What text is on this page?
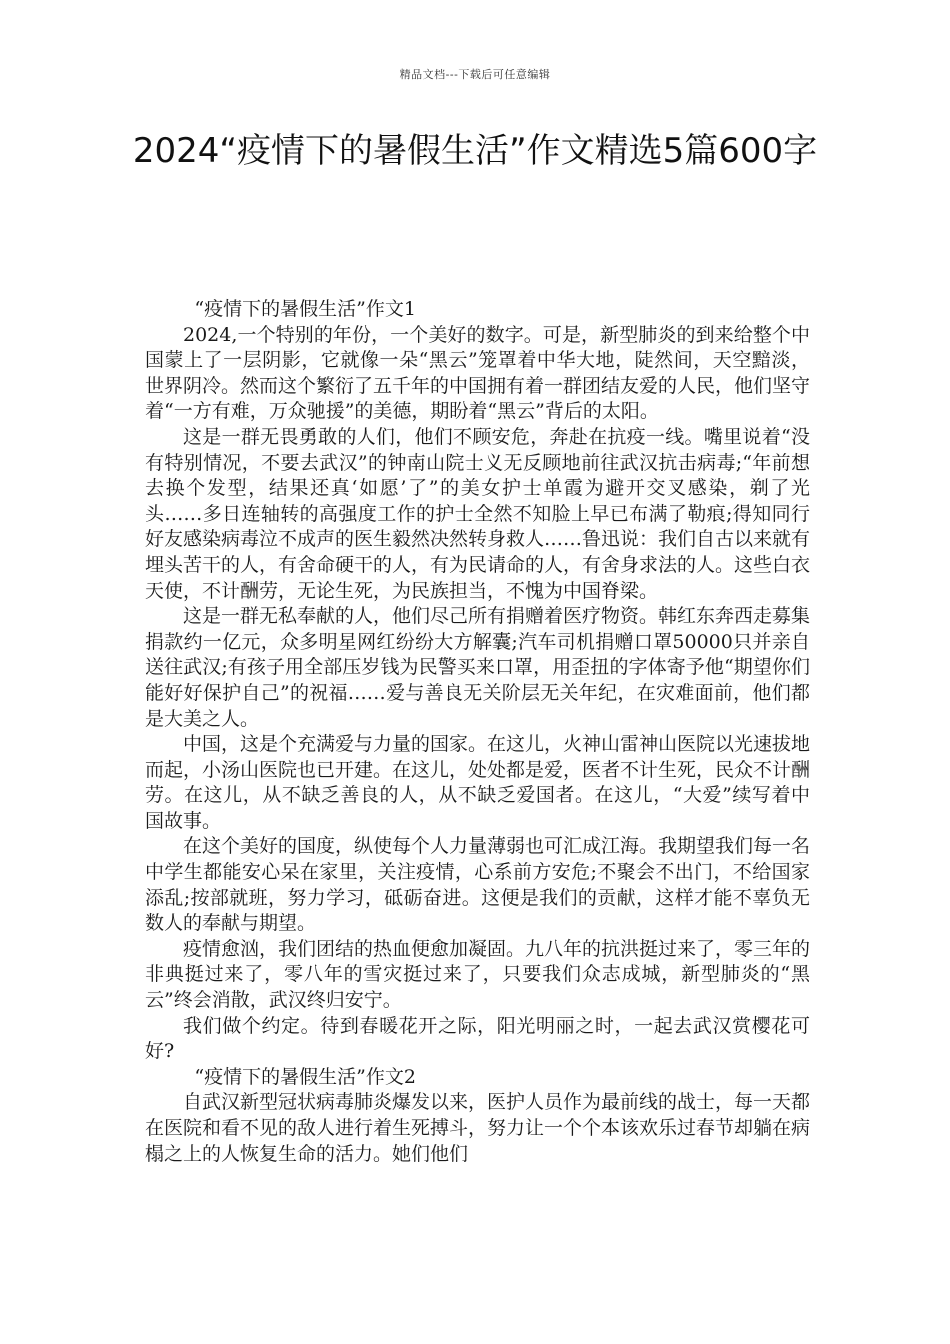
精品文档---下载后可任意编辑
2024“疫情下的暑假生活”作文精选5篇600字

“疫情下的暑假生活”作文1

2024,一个特别的年份，一个美好的数字。可是，新型肺炎的到来给整个中国蒙上了一层阴影，它就像一朵“黑云”笼罩着中华大地，陡然间，天空黯淡，世界阴冷。然而这个繁衍了五千年的中国拥有着一群团结友爱的人民，他们坚守着“一方有难，万众驰援”的美德，期盼着“黑云”背后的太阳。

这是一群无畏勇敢的人们，他们不顾安危，奔赴在抗疫一线。嘴里说着“没有特别情况，不要去武汉”的钟南山院士义无反顾地前往武汉抗击病毒;“年前想去换个发型，结果还真‘如愿’了”的美女护士单霞为避开交叉感染，剃了光头……多日连轴转的高强度工作的护士全然不知脸上早已布满了勒痕;得知同行好友感染病毒泣不成声的医生毅然决然转身救人……鲁迅说：我们自古以来就有埋头苦干的人，有舍命硬干的人，有为民请命的人，有舍身求法的人。这些白衣天使，不计酬劳，无论生死，为民族担当，不愧为中国脊梁。

这是一群无私奉献的人，他们尽己所有捐赠着医疗物资。韩红东奔西走募集捐款约一亿元，众多明星网红纷纷大方解囊;汽车司机捐赠口罩50000只并亲自送往武汉;有孩子用全部压岁钱为民警买来口罩，用歪扭的字体寄予他“期望你们能好好保护自己”的祝福……爱与善良无关阶层无关年纪，在灾难面前，他们都是大美之人。

中国，这是个充满爱与力量的国家。在这儿，火神山雷神山医院以光速拔地而起，小汤山医院也已开建。在这儿，处处都是爱，医者不计生死，民众不计酬劳。在这儿，从不缺乏善良的人，从不缺乏爱国者。在这儿，“大爱”续写着中国故事。

在这个美好的国度，纵使每个人力量薄弱也可汇成江海。我期望我们每一名中学生都能安心呆在家里，关注疫情，心系前方安危;不聚会不出门，不给国家添乱;按部就班，努力学习，砥砺奋进。这便是我们的贡献，这样才能不辜负无数人的奉献与期望。

疫情愈汹，我们团结的热血便愈加凝固。九八年的抗洪挺过来了，零三年的非典挺过来了，零八年的雪灾挺过来了，只要我们众志成城，新型肺炎的“黑云”终会消散，武汉终归安宁。

我们做个约定。待到春暖花开之际，阳光明丽之时，一起去武汉赏樱花可好?

“疫情下的暑假生活”作文2

自武汉新型冠状病毒肺炎爆发以来，医护人员作为最前线的战士，每一天都在医院和看不见的敌人进行着生死搏斗，努力让一个个本该欢乐过春节却躺在病榻之上的人恢复生命的活力。她们他们
